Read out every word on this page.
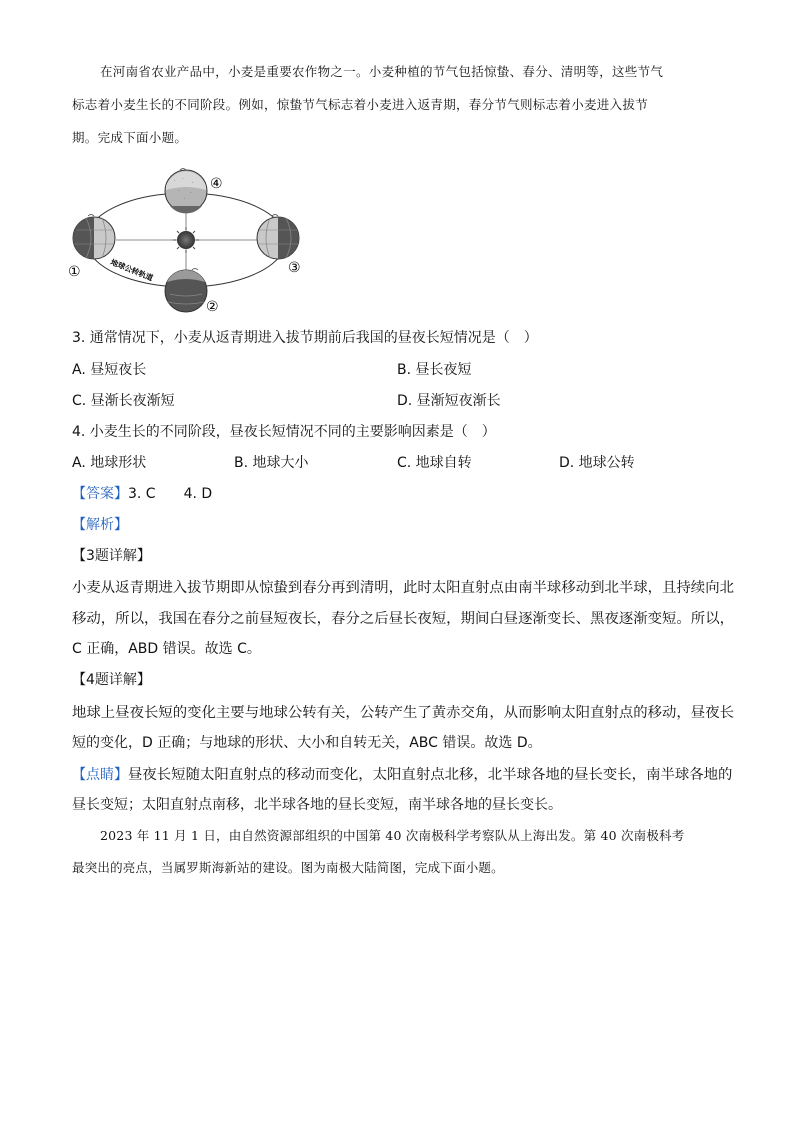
在河南省农业产品中，小麦是重要农作物之一。小麦种植的节气包括惊蛰、春分、清明等，这些节气
标志着小麦生长的不同阶段。例如，惊蛰节气标志着小麦进入返青期，春分节气则标志着小麦进入拔节
期。完成下面小题。
· ·
·
· ·
·
①
②
③
④
地球公转轨道
3. 通常情况下，小麦从返青期进入拔节期前后我国的昼夜长短情况是（　）
A. 昼短夜长	B. 昼长夜短
C. 昼渐长夜渐短	D. 昼渐短夜渐长
4. 小麦生长的不同阶段，昼夜长短情况不同的主要影响因素是（　）
A. 地球形状	B. 地球大小	C. 地球自转	D. 地球公转
【答案】3. C　　4. D
【解析】
【3题详解】
小麦从返青期进入拔节期即从惊蛰到春分再到清明，此时太阳直射点由南半球移动到北半球，且持续向北
移动，所以，我国在春分之前昼短夜长，春分之后昼长夜短，期间白昼逐渐变长、黑夜逐渐变短。所以，
C 正确，ABD 错误。故选 C。
【4题详解】
地球上昼夜长短的变化主要与地球公转有关，公转产生了黄赤交角，从而影响太阳直射点的移动，昼夜长
短的变化，D 正确；与地球的形状、大小和自转无关，ABC 错误。故选 D。
【点睛】昼夜长短随太阳直射点的移动而变化，太阳直射点北移，北半球各地的昼长变长，南半球各地的
昼长变短；太阳直射点南移，北半球各地的昼长变短，南半球各地的昼长变长。
2023 年 11 月 1 日，由自然资源部组织的中国第 40 次南极科学考察队从上海出发。第 40 次南极科考
最突出的亮点，当属罗斯海新站的建设。图为南极大陆简图，完成下面小题。
